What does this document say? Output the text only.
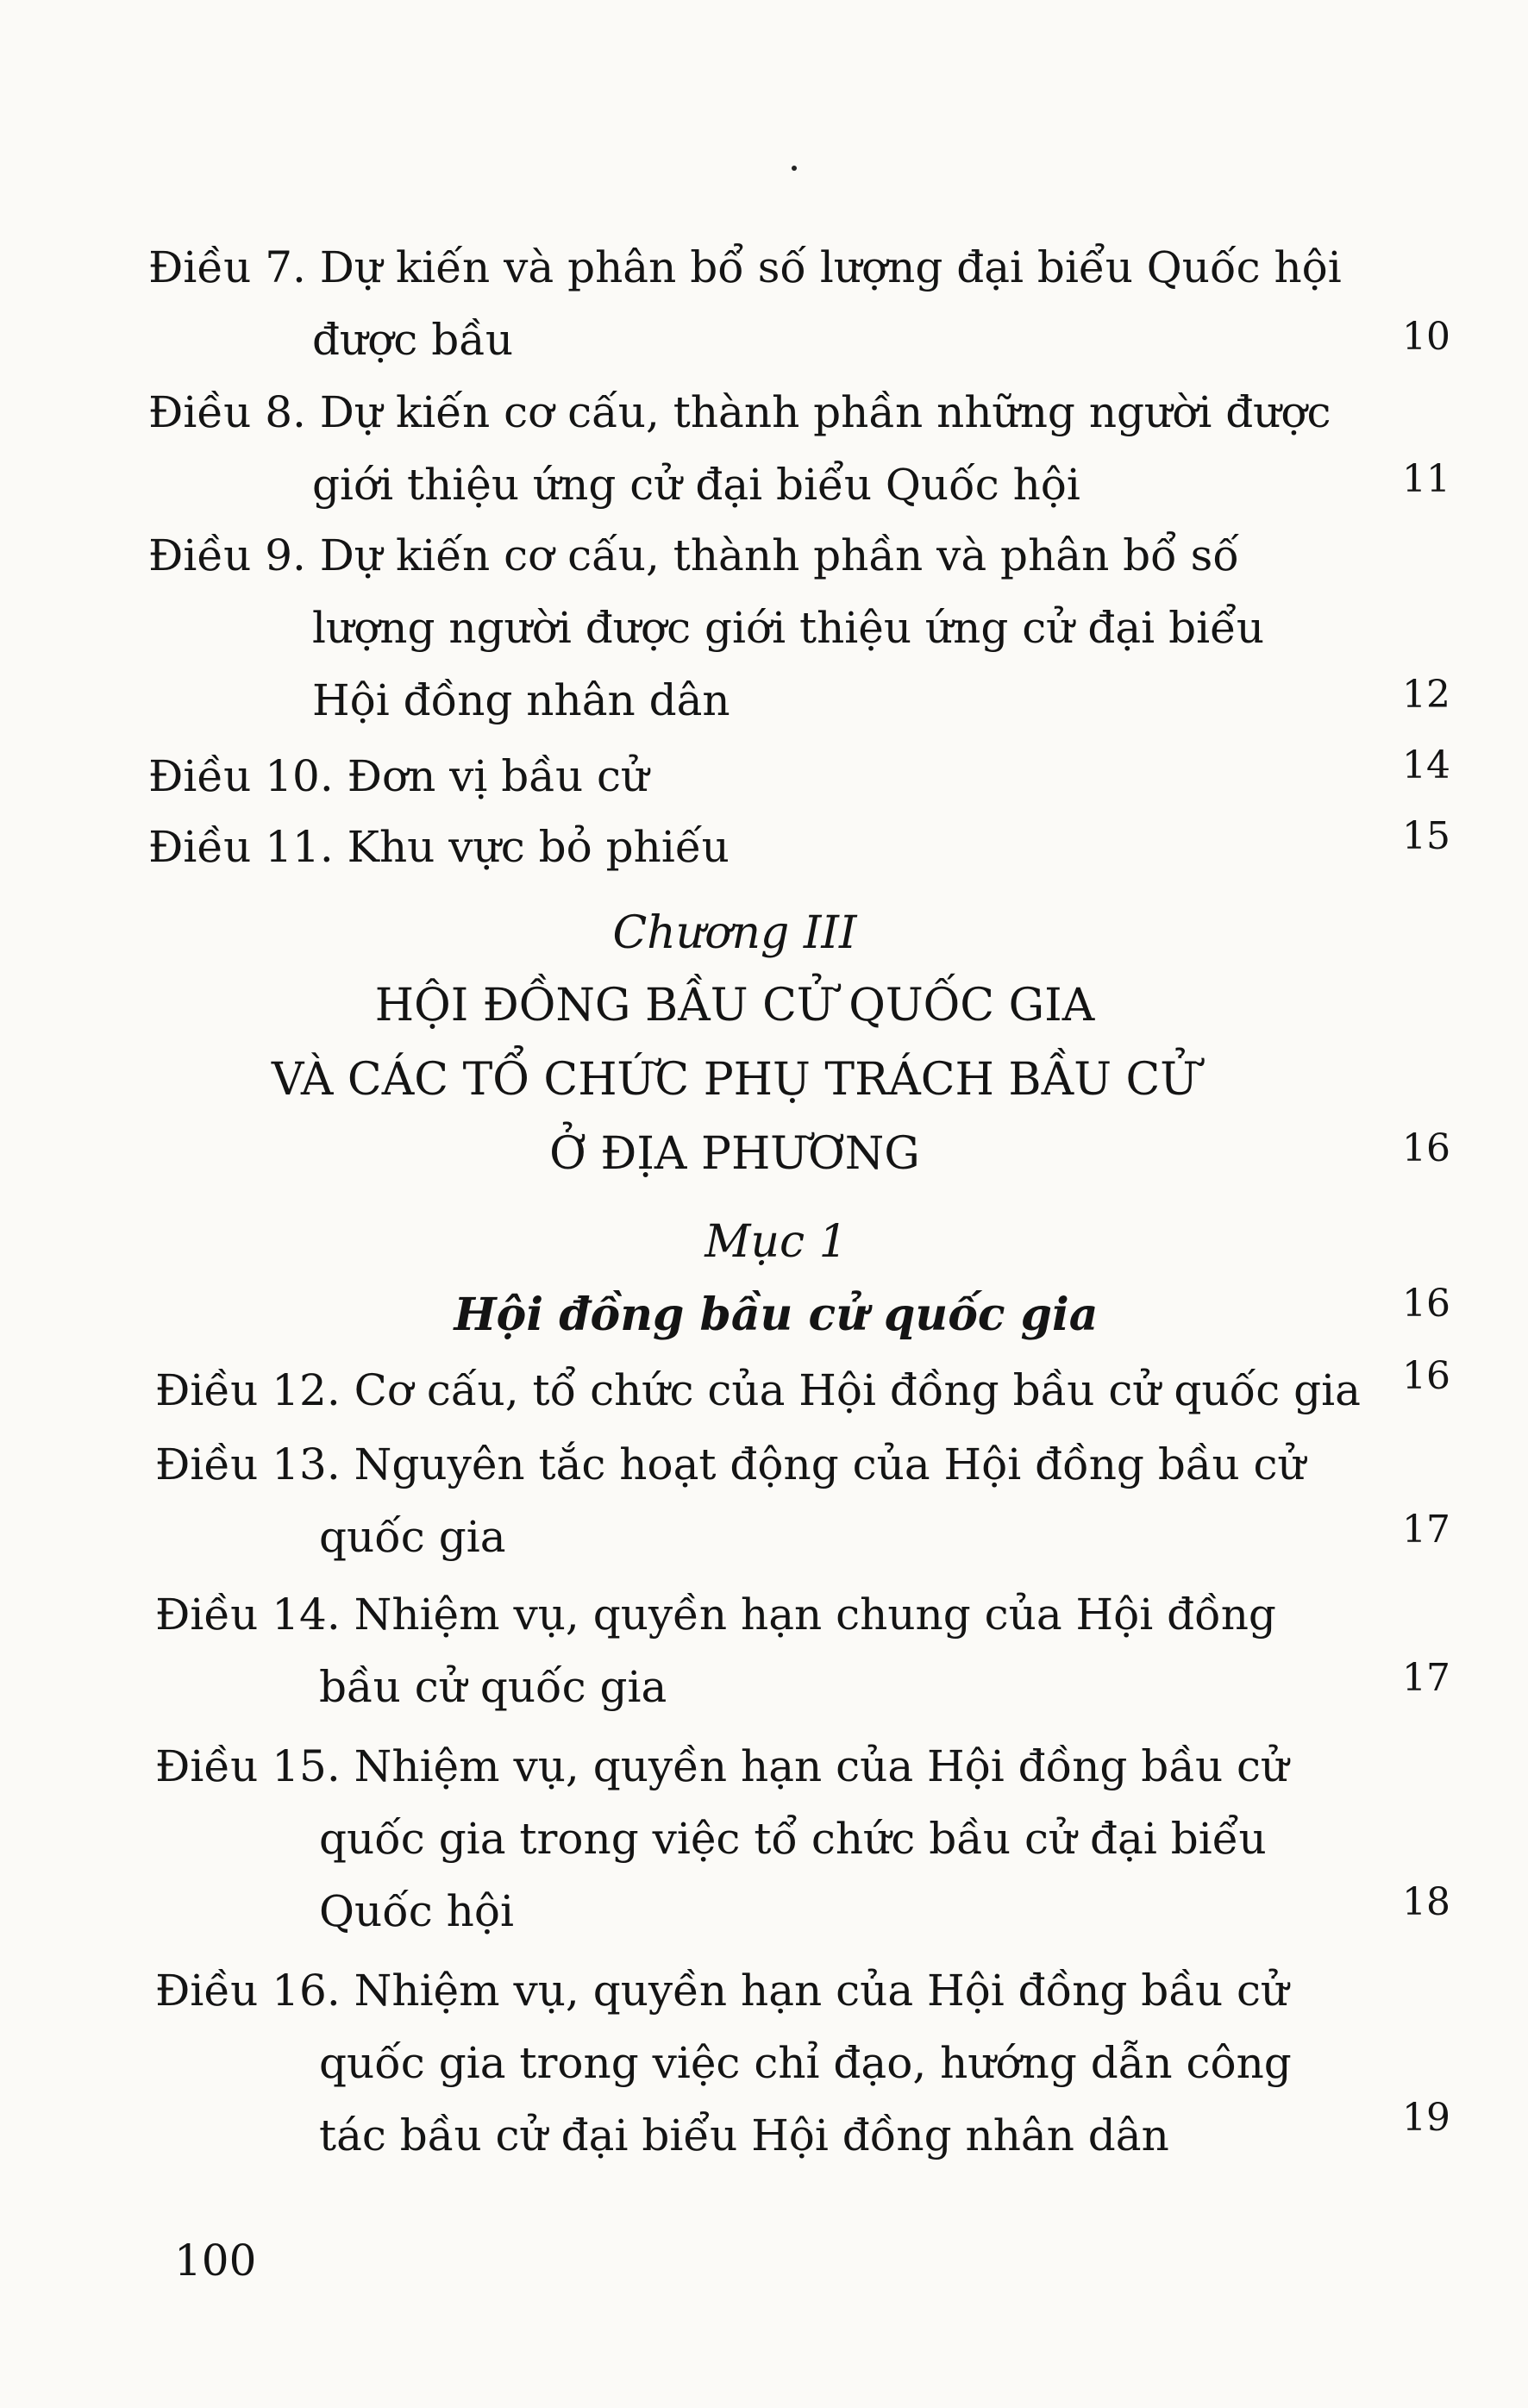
Điều 7. Dự kiến và phân bổ số lượng đại biểu Quốc hội
được bầu	10
Điều 8. Dự kiến cơ cấu, thành phần những người được
giới thiệu ứng cử đại biểu Quốc hội	11
Điều 9. Dự kiến cơ cấu, thành phần và phân bổ số
lượng người được giới thiệu ứng cử đại biểu
Hội đồng nhân dân	12
Điều 10. Đơn vị bầu cử	14
Điều 11. Khu vực bỏ phiếu	15
Chương III
HỘI ĐỒNG BẦU CỬ QUỐC GIA
VÀ CÁC TỔ CHỨC PHỤ TRÁCH BẦU CỬ
Ở ĐỊA PHƯƠNG	16
Mục 1
Hội đồng bầu cử quốc gia	16
Điều 12. Cơ cấu, tổ chức của Hội đồng bầu cử quốc gia	16
Điều 13. Nguyên tắc hoạt động của Hội đồng bầu cử
quốc gia	17
Điều 14. Nhiệm vụ, quyền hạn chung của Hội đồng
bầu cử quốc gia	17
Điều 15. Nhiệm vụ, quyền hạn của Hội đồng bầu cử
quốc gia trong việc tổ chức bầu cử đại biểu
Quốc hội	18
Điều 16. Nhiệm vụ, quyền hạn của Hội đồng bầu cử
quốc gia trong việc chỉ đạo, hướng dẫn công
tác bầu cử đại biểu Hội đồng nhân dân	19
100
